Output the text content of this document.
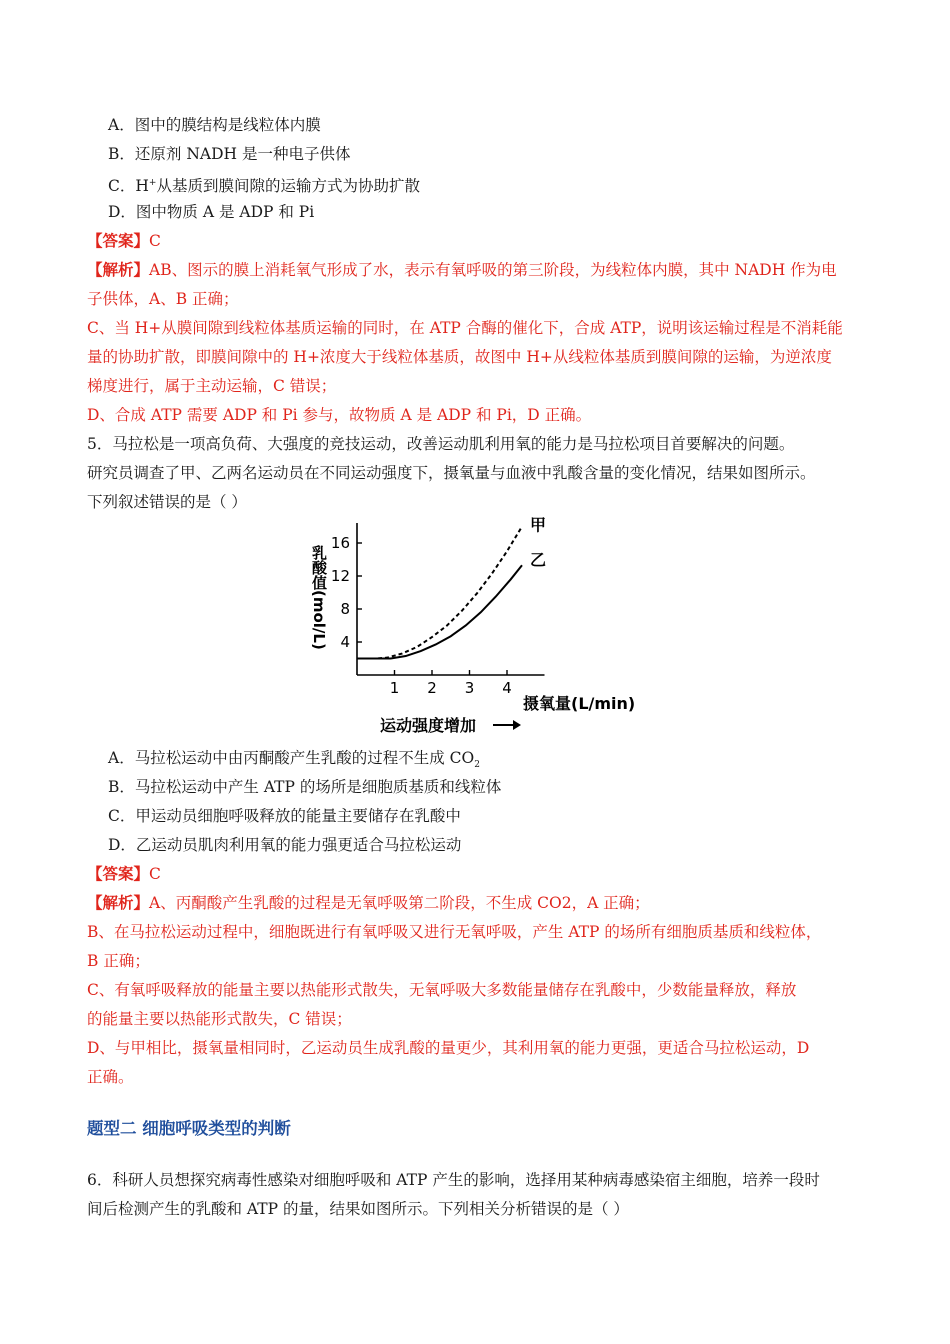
A．图中的膜结构是线粒体内膜
B．还原剂 NADH 是一种电子供体
C．H+从基质到膜间隙的运输方式为协助扩散
D．图中物质 A 是 ADP 和 Pi
【答案】C
【解析】AB、图示的膜上消耗氧气形成了水，表示有氧呼吸的第三阶段，为线粒体内膜，其中 NADH 作为电
子供体，A、B 正确；
C、当 H+从膜间隙到线粒体基质运输的同时，在 ATP 合酶的催化下，合成 ATP，说明该运输过程是不消耗能
量的协助扩散，即膜间隙中的 H+浓度大于线粒体基质，故图中 H+从线粒体基质到膜间隙的运输，为逆浓度
梯度进行，属于主动运输，C 错误；
D、合成 ATP 需要 ADP 和 Pi 参与，故物质 A 是 ADP 和 Pi，D 正确。
5．马拉松是一项高负荷、大强度的竞技运动，改善运动肌利用氧的能力是马拉松项目首要解决的问题。
研究员调查了甲、乙两名运动员在不同运动强度下，摄氧量与血液中乳酸含量的变化情况，结果如图所示。
下列叙述错误的是（ ）
1 2 3 4
4
8
12
16
甲
乙
摄氧量(L/min)
乳酸值(mol/L)
运动强度增加
A．马拉松运动中由丙酮酸产生乳酸的过程不生成 $CO_2$
B．马拉松运动中产生 ATP 的场所是细胞质基质和线粒体
C．甲运动员细胞呼吸释放的能量主要储存在乳酸中
D．乙运动员肌肉利用氧的能力强更适合马拉松运动
【答案】C
【解析】A、丙酮酸产生乳酸的过程是无氧呼吸第二阶段，不生成 CO2，A 正确；
B、在马拉松运动过程中，细胞既进行有氧呼吸又进行无氧呼吸，产生 ATP 的场所有细胞质基质和线粒体，
B 正确；
C、有氧呼吸释放的能量主要以热能形式散失，无氧呼吸大多数能量储存在乳酸中，少数能量释放，释放
的能量主要以热能形式散失，C 错误；
D、与甲相比，摄氧量相同时，乙运动员生成乳酸的量更少，其利用氧的能力更强，更适合马拉松运动，D
正确。
题型二 细胞呼吸类型的判断
6．科研人员想探究病毒性感染对细胞呼吸和 ATP 产生的影响，选择用某种病毒感染宿主细胞，培养一段时
间后检测产生的乳酸和 ATP 的量，结果如图所示。下列相关分析错误的是（ ）
